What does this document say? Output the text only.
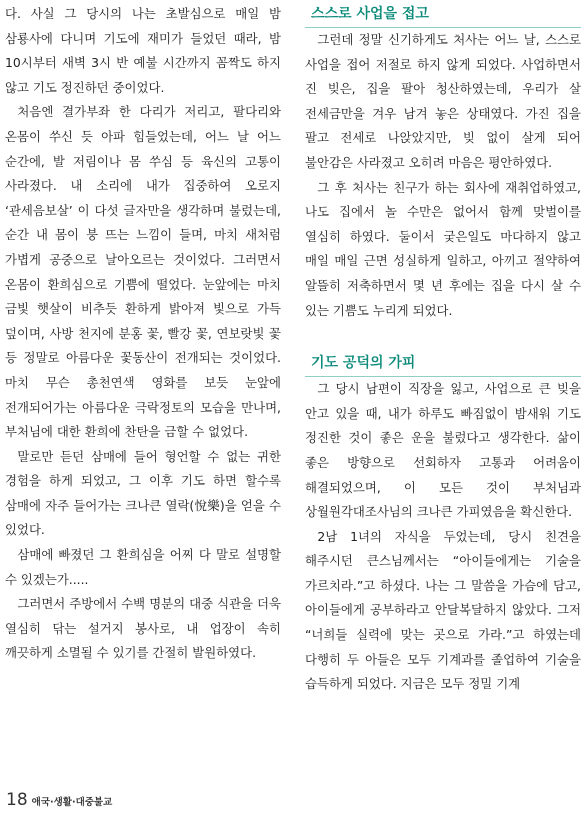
다. 사실 그 당시의 나는 초발심으로 매일 밤 삼룡사에 다니며 기도에 재미가 들었던 때라, 밤 10시부터 새벽 3시 반 예불 시간까지 꼼짝도 하지 않고 기도 정진하던 중이었다.

처음엔 결가부좌 한 다리가 저리고, 팔다리와 온몸이 쑤신 듯 아파 힘들었는데, 어느 날 어느 순간에, 발 저림이나 몸 쑤심 등 육신의 고통이 사라졌다. 내 소리에 내가 집중하여 오로지 ‘관세음보살’ 이 다섯 글자만을 생각하며 불렀는데, 순간 내 몸이 붕 뜨는 느낌이 들며, 마치 새처럼 가볍게 공중으로 날아오르는 것이었다. 그러면서 온몸이 환희심으로 기쁨에 떨었다. 눈앞에는 마치 금빛 햇살이 비추듯 환하게 밝아져 빛으로 가득 덮이며, 사방 천지에 분홍 꽃, 빨강 꽃, 연보랏빛 꽃 등 정말로 아름다운 꽃동산이 전개되는 것이었다. 마치 무슨 총천연색 영화를 보듯 눈앞에 전개되어가는 아름다운 극락정토의 모습을 만나며, 부처님에 대한 환희에 찬탄을 금할 수 없었다.

말로만 듣던 삼매에 들어 형언할 수 없는 귀한 경험을 하게 되었고, 그 이후 기도 하면 할수록 삼매에 자주 들어가는 크나큰 열락(悅樂)을 얻을 수 있었다.

삼매에 빠졌던 그 환희심을 어찌 다 말로 설명할 수 있겠는가.....

그러면서 주방에서 수백 명분의 대중 식관을 더욱 열심히 닦는 설거지 봉사로, 내 업장이 속히 깨끗하게 소멸될 수 있기를 간절히 발원하였다.

스스로 사업을 접고

그런데 정말 신기하게도 처사는 어느 날, 스스로 사업을 접어 저절로 하지 않게 되었다. 사업하면서 진 빚은, 집을 팔아 청산하였는데, 우리가 살 전세금만을 겨우 남겨 놓은 상태였다. 가진 집을 팔고 전세로 나앉았지만, 빚 없이 살게 되어 불안감은 사라졌고 오히려 마음은 평안하였다.

그 후 처사는 친구가 하는 회사에 재취업하였고, 나도 집에서 놀 수만은 없어서 함께 맞벌이를 열심히 하였다. 둘이서 궂은일도 마다하지 않고 매일 매일 근면 성실하게 일하고, 아끼고 절약하여 알뜰히 저축하면서 몇 년 후에는 집을 다시 살 수 있는 기쁨도 누리게 되었다.

기도 공덕의 가피

그 당시 남편이 직장을 잃고, 사업으로 큰 빚을 안고 있을 때, 내가 하루도 빠짐없이 밤새워 기도 정진한 것이 좋은 운을 불렀다고 생각한다. 삶이 좋은 방향으로 선회하자 고통과 어려움이 해결되었으며, 이 모든 것이 부처님과 상월원각대조사님의 크나큰 가피였음을 확신한다.

2남 1녀의 자식을 두었는데, 당시 친견을 해주시던 큰스님께서는 “아이들에게는 기술을 가르치라.”고 하셨다. 나는 그 말씀을 가슴에 담고, 아이들에게 공부하라고 안달복달하지 않았다. 그저 “너희들 실력에 맞는 곳으로 가라.”고 하였는데 다행히 두 아들은 모두 기계과를 졸업하여 기술을 습득하게 되었다. 지금은 모두 정밀 기계

18 애국·생활·대중불교
